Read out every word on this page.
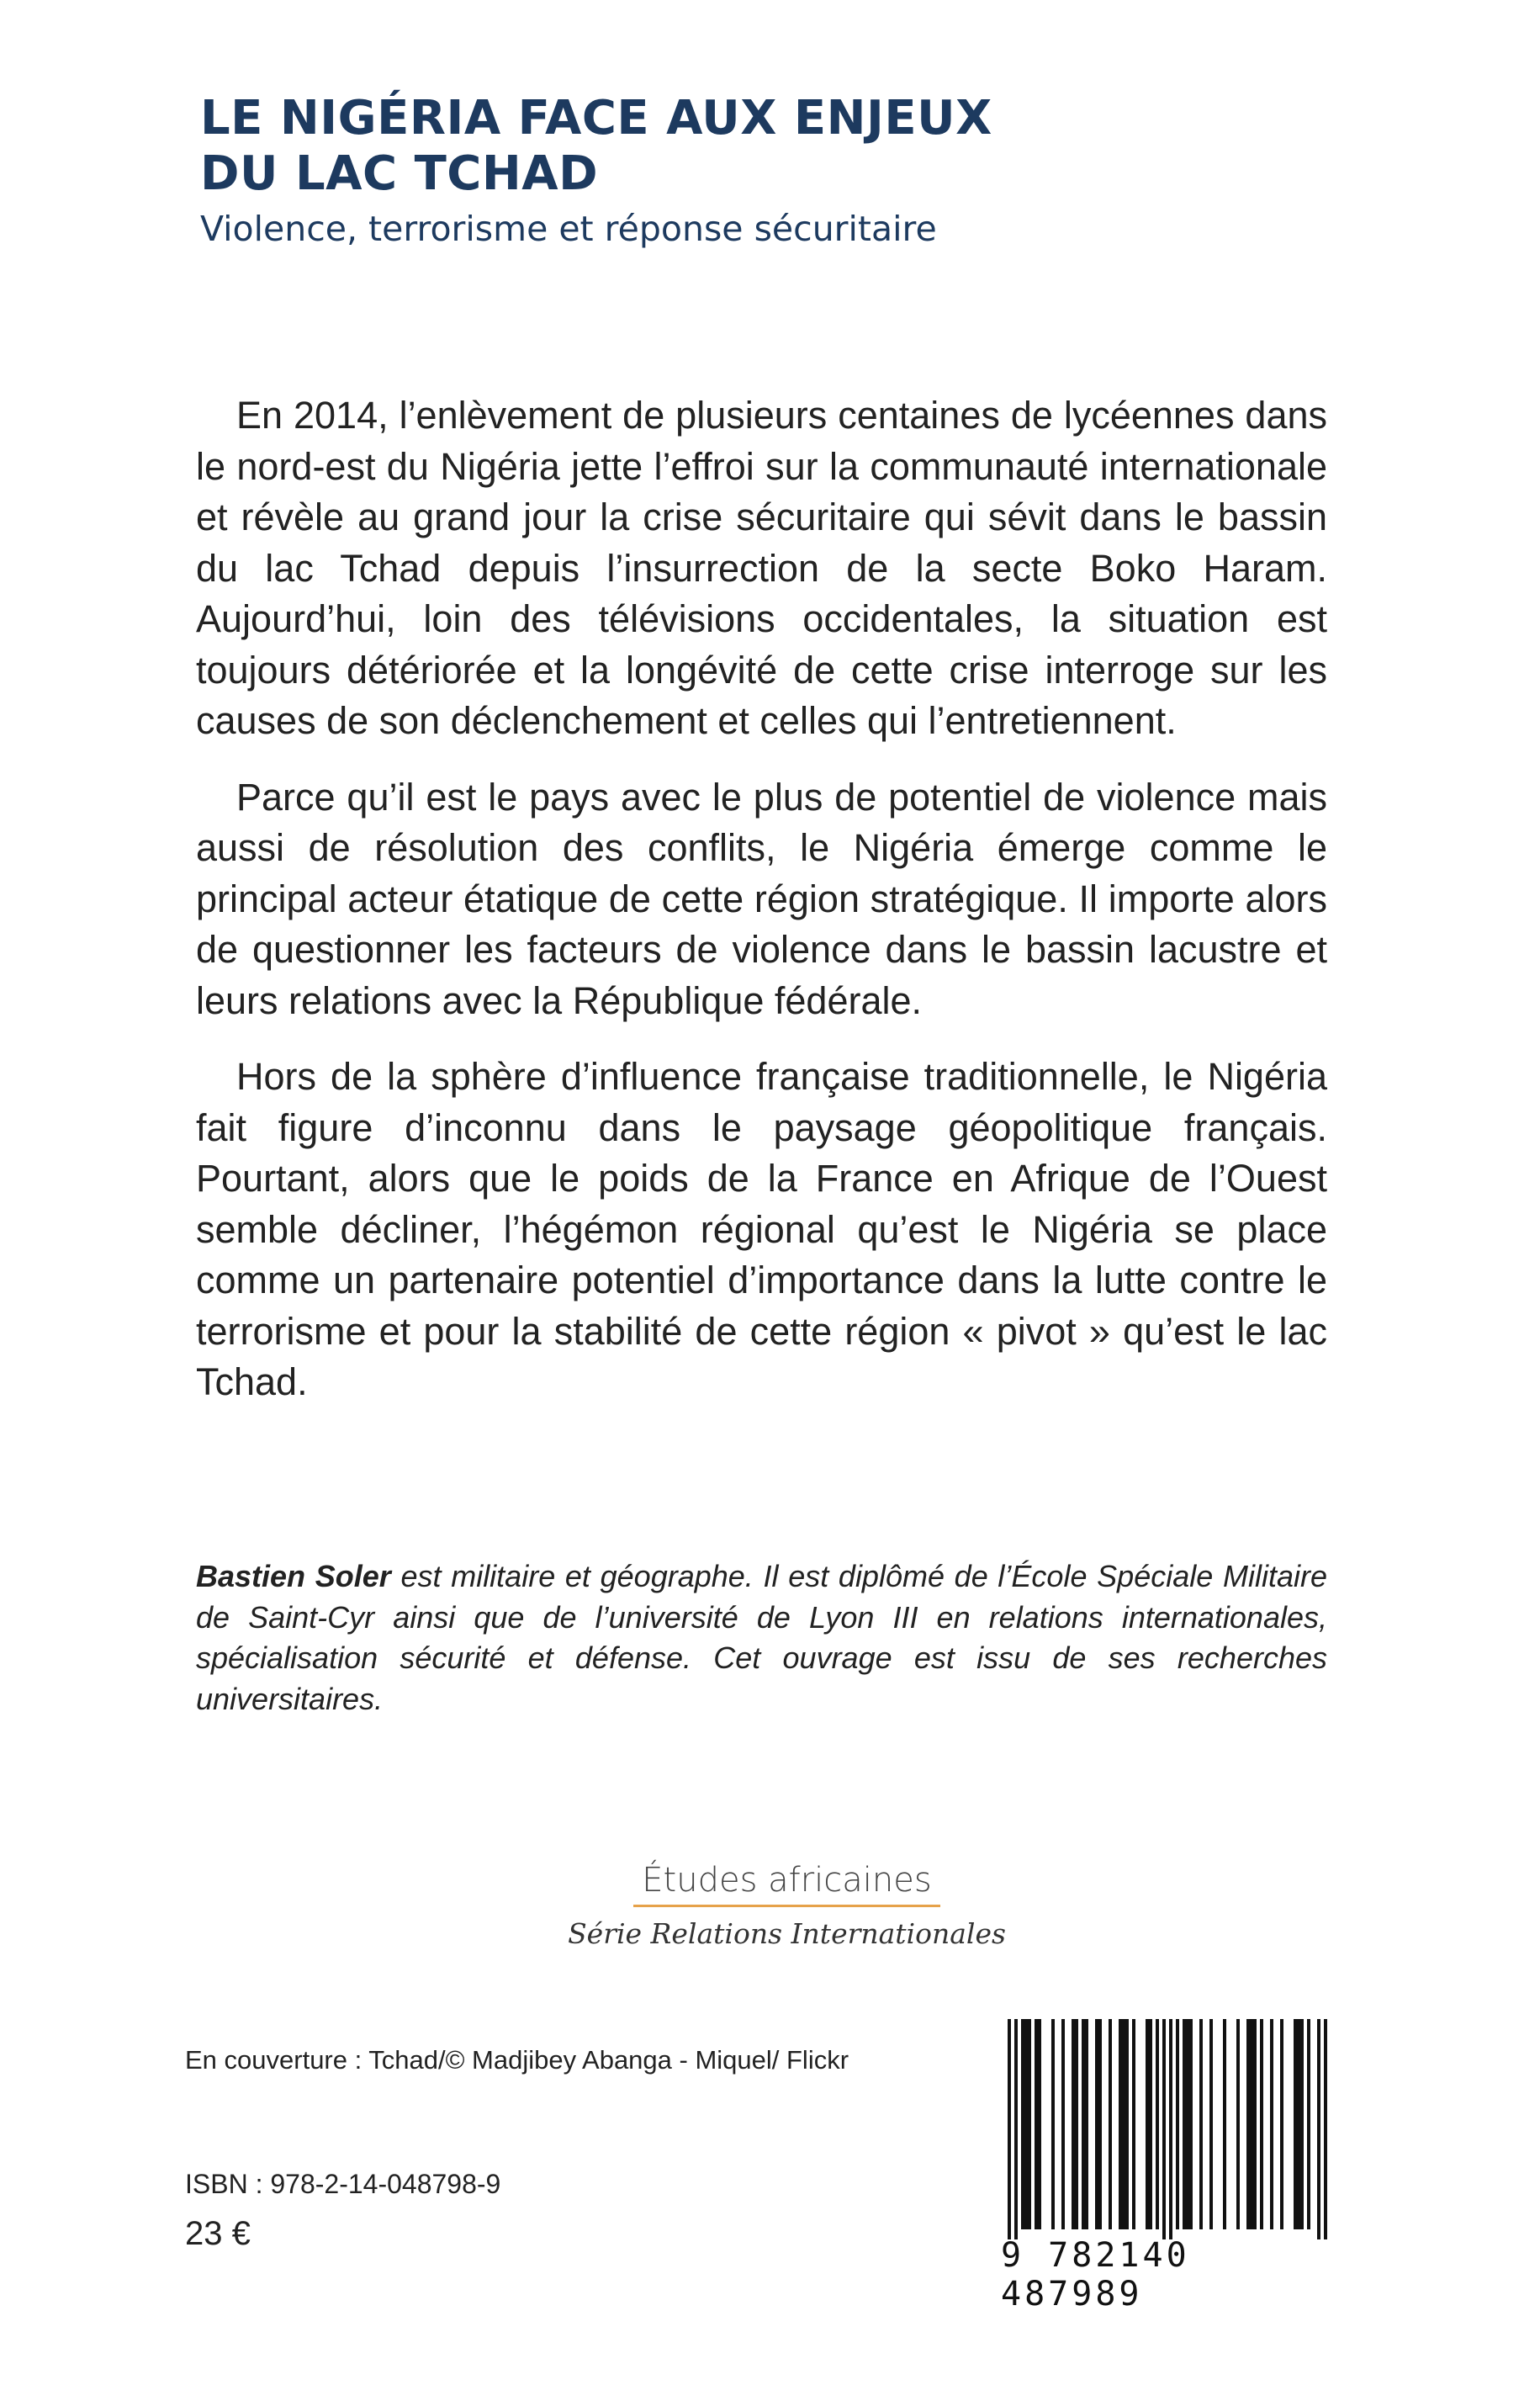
LE NIGÉRIA FACE AUX ENJEUX
DU LAC TCHAD
Violence, terrorisme et réponse sécuritaire

En 2014, l’enlèvement de plusieurs centaines de lycéennes dans le nord-est du Nigéria jette l’effroi sur la communauté internationale et révèle au grand jour la crise sécuritaire qui sévit dans le bassin du lac Tchad depuis l’insurrection de la secte Boko Haram. Aujourd’hui, loin des télévisions occidentales, la situation est toujours détériorée et la longévité de cette crise interroge sur les causes de son déclenchement et celles qui l’entretiennent.

Parce qu’il est le pays avec le plus de potentiel de violence mais aussi de résolution des conflits, le Nigéria émerge comme le principal acteur étatique de cette région stratégique. Il importe alors de questionner les facteurs de violence dans le bassin lacustre et leurs relations avec la République fédérale.

Hors de la sphère d’influence française traditionnelle, le Nigéria fait figure d’inconnu dans le paysage géopolitique français. Pourtant, alors que le poids de la France en Afrique de l’Ouest semble décliner, l’hégémon régional qu’est le Nigéria se place comme un partenaire potentiel d’importance dans la lutte contre le terrorisme et pour la stabilité de cette région « pivot » qu’est le lac Tchad.

Bastien Soler est militaire et géographe. Il est diplômé de l’École Spéciale Militaire de Saint-Cyr ainsi que de l’université de Lyon III en relations internationales, spécialisation sécurité et défense. Cet ouvrage est issu de ses recherches universitaires.
Études africaines
Série Relations Internationales
En couverture : Tchad/© Madjibey Abanga - Miquel/ Flickr
ISBN : 978-2-14-048798-9
23 €
9 782140 487989
